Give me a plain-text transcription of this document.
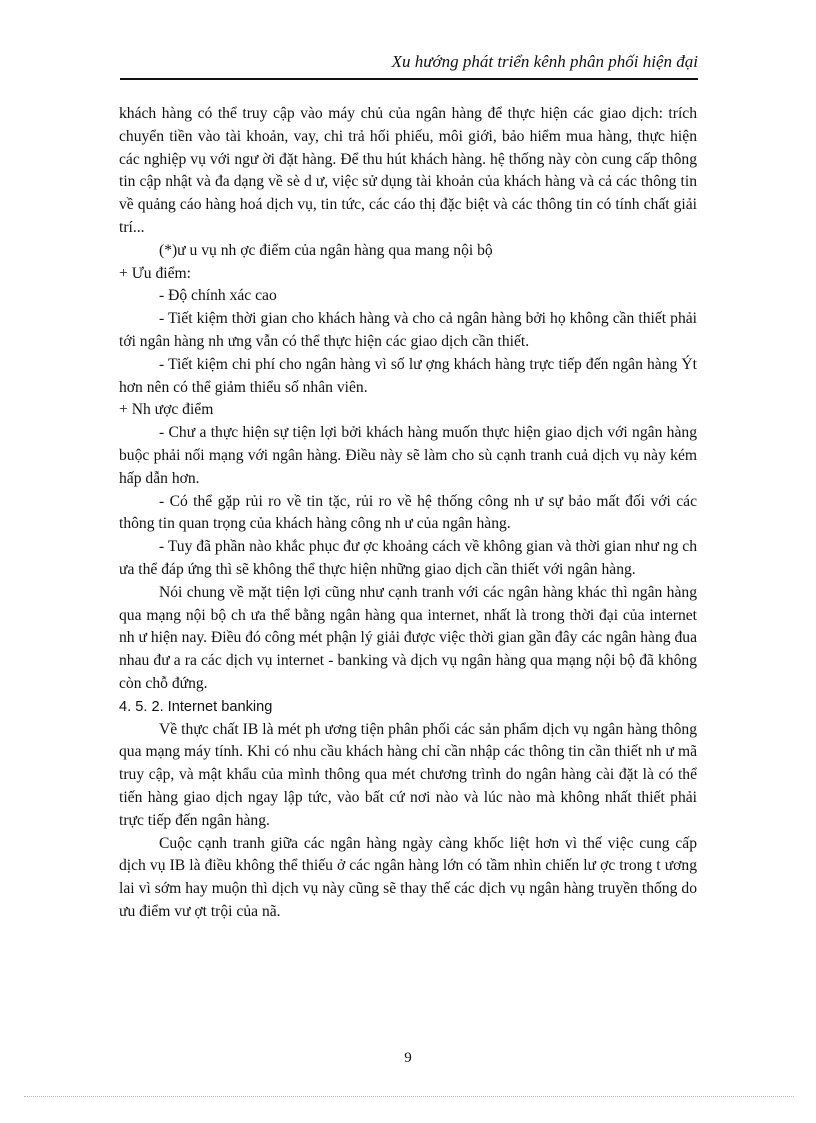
Xu hướng phát triển kênh phân phối hiện đại

khách hàng có thể truy cập vào máy chủ của ngân hàng để thực hiện các giao dịch: trích chuyển tiền vào tài khoản, vay, chi trả hối phiếu, môi giới, bảo hiểm mua hàng, thực hiện các nghiệp vụ với ngư ời đặt hàng. Để thu hút khách hàng. hệ thống này còn cung cấp thông tin cập nhật và đa dạng về sè d ư, việc sử dụng tài khoản của khách hàng và cả các thông tin về quảng cáo hàng hoá dịch vụ, tin tức, các cáo thị đặc biệt và các thông tin có tính chất giải trí...

(*)ư u vụ nh ợc điểm của ngân hàng qua mang nội bộ

+ Ưu điểm:

- Độ chính xác cao

- Tiết kiệm thời gian cho khách hàng và cho cả ngân hàng bởi họ không cần thiết phải tới ngân hàng nh ưng vẫn có thể thực hiện các giao dịch cần thiết.

- Tiết kiệm chi phí cho ngân hàng vì số lư ợng khách hàng trực tiếp đến ngân hàng Ýt hơn nên có thể giảm thiểu số nhân viên.

+ Nh ược điểm

- Chư a thực hiện sự tiện lợi bởi khách hàng muốn thực hiện giao dịch với ngân hàng buộc phải nối mạng với ngân hàng. Điều này sẽ làm cho sù cạnh tranh cuả dịch vụ này kém hấp dẫn hơn.

- Có thể gặp rủi ro về tin tặc, rủi ro về hệ thống công nh ư sự bảo mất đối với các thông tin quan trọng của khách hàng công nh ư của ngân hàng.

- Tuy đã phần nào khắc phục đư ợc khoảng cách về không gian và thời gian như ng ch ưa thể đáp ứng thì sẽ không thể thực hiện những giao dịch cần thiết với ngân hàng.

Nói chung về mặt tiện lợi cũng như cạnh tranh với các ngân hàng khác thì ngân hàng qua mạng nội bộ ch ưa thể bằng ngân hàng qua internet, nhất là trong thời đại của internet nh ư hiện nay. Điều đó công mét phận lý giải được việc thời gian gần đây các ngân hàng đua nhau đư a ra các dịch vụ internet - banking và dịch vụ ngân hàng qua mạng nội bộ đã không còn chỗ đứng.

4. 5. 2. Internet banking

Về thực chất IB là mét ph ương tiện phân phối các sản phẩm dịch vụ ngân hàng thông qua mạng máy tính. Khi có nhu cầu khách hàng chỉ cần nhập các thông tin cần thiết nh ư mã truy cập, và mật khẩu của mình thông qua mét chương trình do ngân hàng cài đặt là có thể tiến hàng giao dịch ngay lập tức, vào bất cứ nơi nào và lúc nào mà không nhất thiết phải trực tiếp đến ngân hàng.

Cuộc cạnh tranh giữa các ngân hàng ngày càng khốc liệt hơn vì thế việc cung cấp dịch vụ IB là điều không thể thiếu ở các ngân hàng lớn có tầm nhìn chiến lư ợc trong t ương lai vì sớm hay muộn thì dịch vụ này cũng sẽ thay thế các dịch vụ ngân hàng truyền thống do ưu điểm vư ợt trội của nã.

9
